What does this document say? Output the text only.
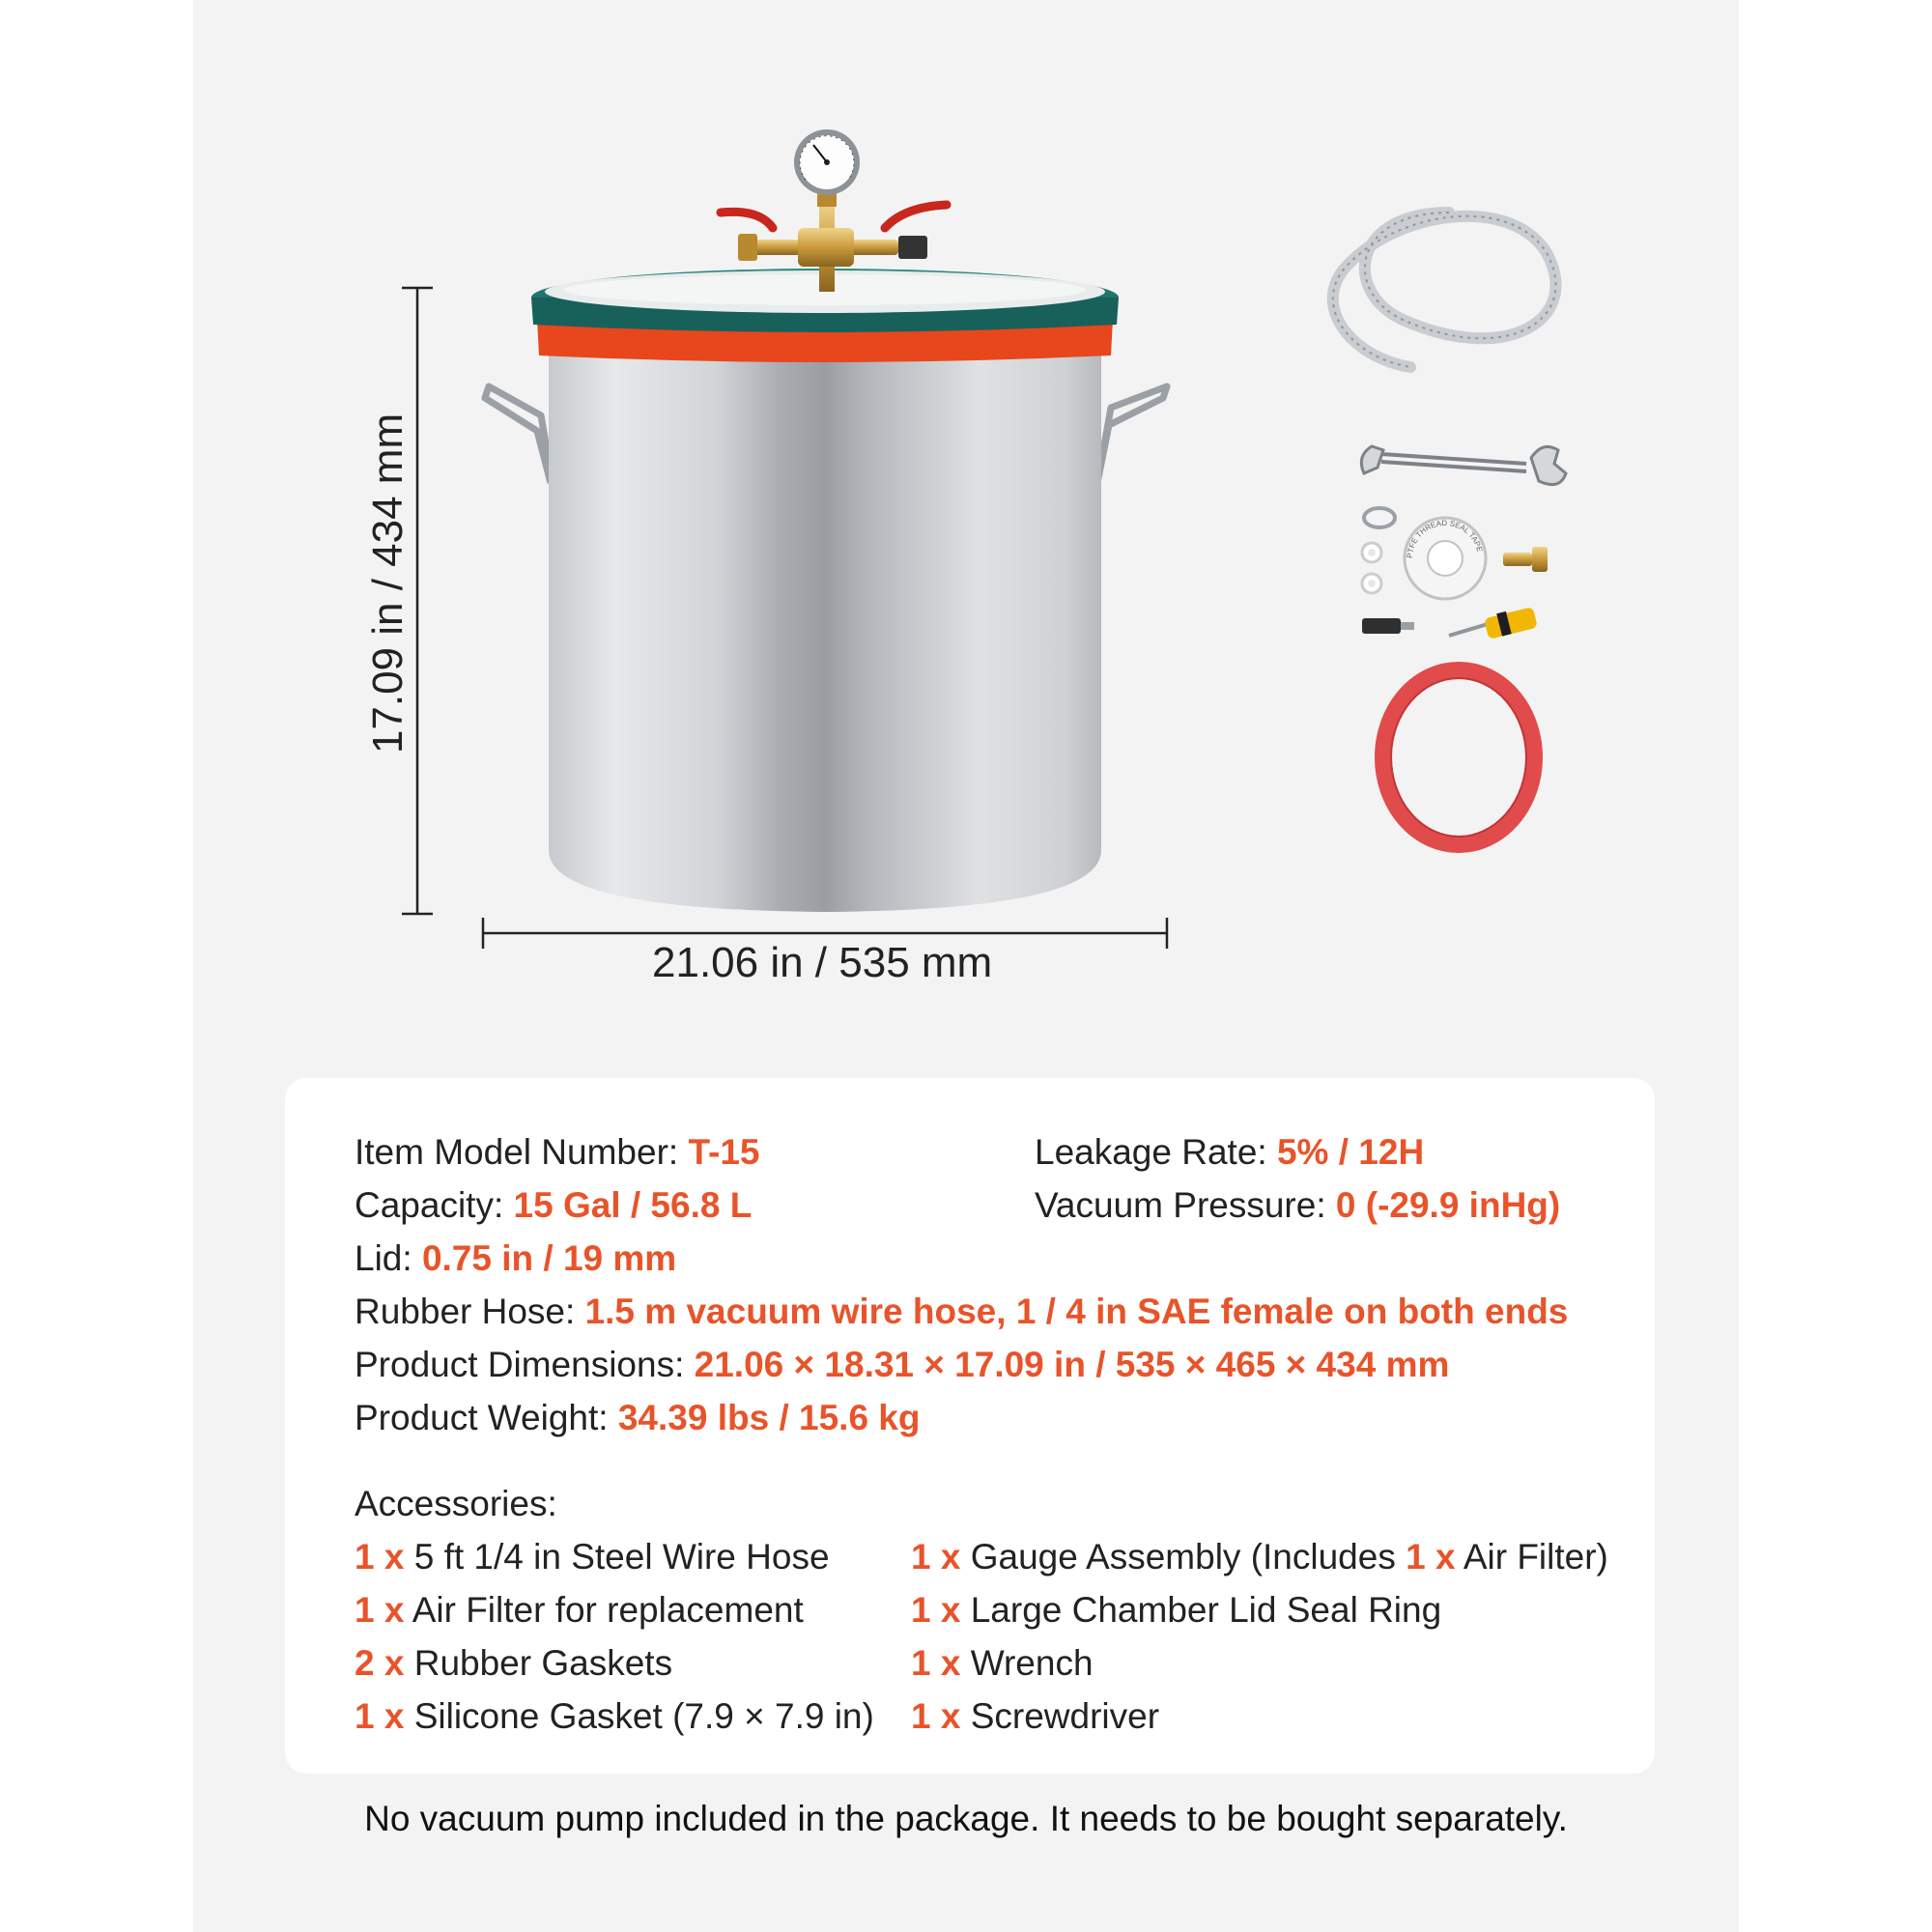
PTFE THREAD SEAL TAPE
21.06 in / 535 mm
17.09 in / 434 mm
Item Model Number: T-15	Leakage Rate: 5% / 12H
Capacity: 15 Gal / 56.8 L	Vacuum Pressure: 0 (-29.9 inHg)
Lid: 0.75 in / 19 mm
Rubber Hose: 1.5 m vacuum wire hose, 1 / 4 in SAE female on both ends
Product Dimensions: 21.06 × 18.31 × 17.09 in / 535 × 465 × 434 mm
Product Weight: 34.39 lbs / 15.6 kg
Accessories:
1 x 5 ft 1/4 in Steel Wire Hose
1 x Air Filter for replacement
2 x Rubber Gaskets
1 x Silicone Gasket (7.9 × 7.9 in)
1 x Gauge Assembly (Includes 1 x Air Filter)
1 x Large Chamber Lid Seal Ring
1 x Wrench
1 x Screwdriver
No vacuum pump included in the package. It needs to be bought separately.
